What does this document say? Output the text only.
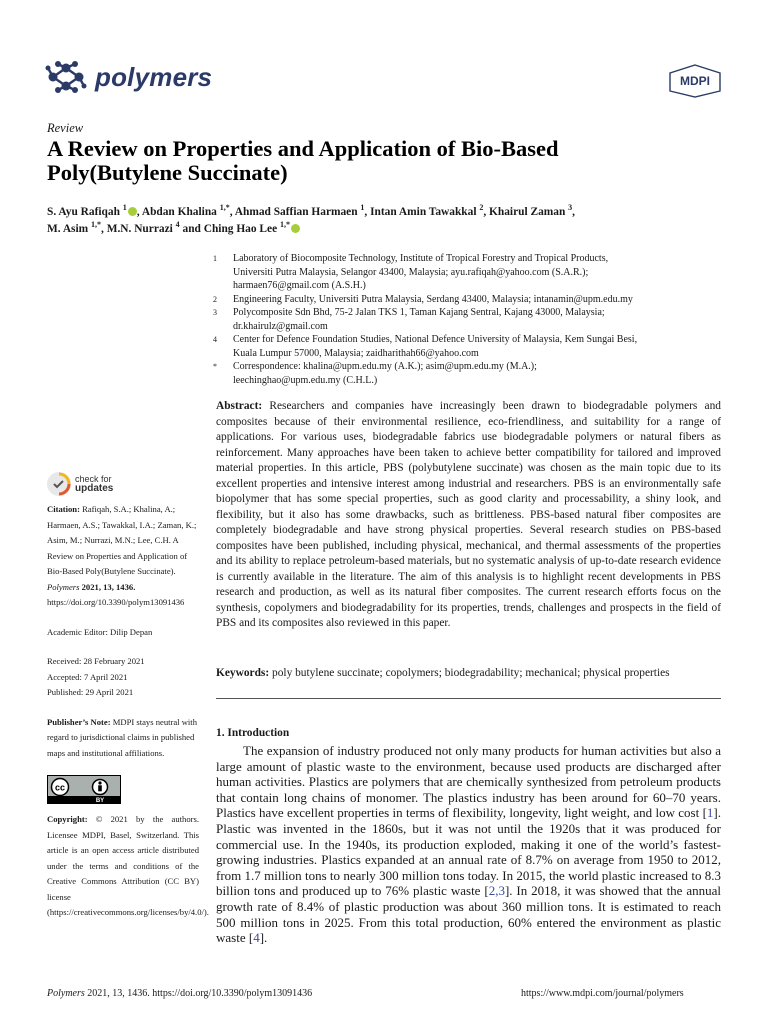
polymers	MDPI
Review
A Review on Properties and Application of Bio-Based Poly(Butylene Succinate)
S. Ayu Rafiqah $^1$ , Abdan Khalina $^{1,*}$, Ahmad Saffian Harmaen $^1$, Intan Amin Tawakkal $^2$, Khairul Zaman $^3$,
M. Asim $^{1,*}$, M.N. Nurrazi $^4$ and Ching Hao Lee $^{1,*}$
1	Laboratory of Biocomposite Technology, Institute of Tropical Forestry and Tropical Products,
Universiti Putra Malaysia, Selangor 43400, Malaysia; ayu.rafiqah@yahoo.com (S.A.R.);
harmaen76@gmail.com (A.S.H.)
2	Engineering Faculty, Universiti Putra Malaysia, Serdang 43400, Malaysia; intanamin@upm.edu.my
3	Polycomposite Sdn Bhd, 75-2 Jalan TKS 1, Taman Kajang Sentral, Kajang 43000, Malaysia;
dr.khairulz@gmail.com
4	Center for Defence Foundation Studies, National Defence University of Malaysia, Kem Sungai Besi,
Kuala Lumpur 57000, Malaysia; zaidharithah66@yahoo.com
*	Correspondence: khalina@upm.edu.my (A.K.); asim@upm.edu.my (M.A.);
leechinghao@upm.edu.my (C.H.L.)
check for
updates

Citation: Rafiqah, S.A.; Khalina, A.; Harmaen, A.S.; Tawakkal, I.A.; Zaman, K.; Asim, M.; Nurrazi, M.N.; Lee, C.H. A Review on Properties and Application of Bio-Based Poly(Butylene Succinate). Polymers 2021, 13, 1436. https://doi.org/10.3390/polym13091436

Academic Editor: Dilip Depan

Received: 28 February 2021
Accepted: 7 April 2021
Published: 29 April 2021

Publisher’s Note: MDPI stays neutral with regard to jurisdictional claims in published maps and institutional affiliations.

cc
BY

Copyright: © 2021 by the authors. Licensee MDPI, Basel, Switzerland. This article is an open access article distributed under the terms and conditions of the Creative Commons Attribution (CC BY) license (https://creativecommons.org/licenses/by/4.0/).

Abstract: Researchers and companies have increasingly been drawn to biodegradable polymers and composites because of their environmental resilience, eco-friendliness, and suitability for a range of applications. For various uses, biodegradable fabrics use biodegradable polymers or natural fibers as reinforcement. Many approaches have been taken to achieve better compatibility for tailored and improved material properties. In this article, PBS (polybutylene succinate) was chosen as the main topic due to its excellent properties and intensive interest among industrial and researchers. PBS is an environmentally safe biopolymer that has some special properties, such as good clarity and processability, a shiny look, and flexibility, but it also has some drawbacks, such as brittleness. PBS-based natural fiber composites are completely biodegradable and have strong physical properties. Several research studies on PBS-based composites have been published, including physical, mechanical, and thermal assessments of the properties and its ability to replace petroleum-based materials, but no systematic analysis of up-to-date research evidence is currently available in the literature. The aim of this analysis is to highlight recent developments in PBS research and production, as well as its natural fiber composites. The current research efforts focus on the synthesis, copolymers and biodegradability for its properties, trends, challenges and prospects in the field of PBS and its composites also reviewed in this paper.
Keywords: poly butylene succinate; copolymers; biodegradability; mechanical; physical properties
1. Introduction
The expansion of industry produced not only many products for human activities but also a large amount of plastic waste to the environment, because used products are discharged after human activities. Plastics are polymers that are chemically synthesized from petroleum products that contain long chains of monomer. The plastics industry has been around for 60–70 years. Plastics have excellent properties in terms of flexibility, longevity, light weight, and low cost [1]. Plastic was invented in the 1860s, but it was not until the 1920s that it was produced for commercial use. In the 1940s, its production exploded, making it one of the world’s fastest-growing industries. Plastics expanded at an annual rate of 8.7% on average from 1950 to 2012, from 1.7 million tons to nearly 300 million tons today. In 2015, the world plastic increased to 8.3 billion tons and produced up to 76% plastic waste [2,3]. In 2018, it was showed that the annual growth rate of 8.4% of plastic production was about 360 million tons. It is estimated to reach 500 million tons in 2025. From this total production, 60% entered the environment as plastic waste [4].
Polymers 2021, 13, 1436. https://doi.org/10.3390/polym13091436	https://www.mdpi.com/journal/polymers
